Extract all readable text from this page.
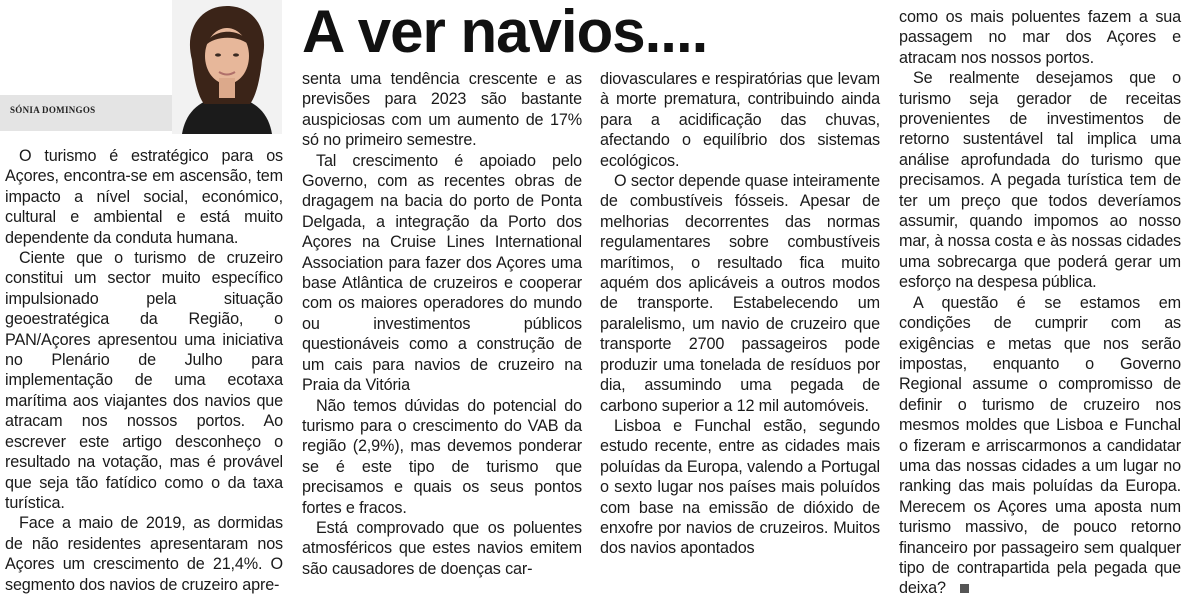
SÓNIA DOMINGOS
A ver navios....

O turismo é estratégico para os Açores, encontra-se em ascensão, tem impacto a nível social, económico, cultural e ambiental e está muito dependente da conduta humana.

Ciente que o turismo de cruzeiro constitui um sector muito específico impulsionado pela situação geoestratégica da Região, o PAN/Açores apresentou uma iniciativa no Plenário de Julho para implementação de uma ecotaxa marítima aos viajantes dos navios que atracam nos nossos portos. Ao escrever este artigo desconheço o resultado na votação, mas é provável que seja tão fatídico como o da taxa turística.

Face a maio de 2019, as dormidas de não residentes apresentaram nos Açores um crescimento de 21,4%. O segmento dos navios de cruzeiro apre-

senta uma tendência crescente e as previsões para 2023 são bastante auspiciosas com um aumento de 17% só no primeiro semestre.

Tal crescimento é apoiado pelo Governo, com as recentes obras de dragagem na bacia do porto de Ponta Delgada, a integração da Porto dos Açores na Cruise Lines International Association para fazer dos Açores uma base Atlântica de cruzeiros e cooperar com os maiores operadores do mundo ou investimentos públicos questionáveis como a construção de um cais para navios de cruzeiro na Praia da Vitória

Não temos dúvidas do potencial do turismo para o crescimento do VAB da região (2,9%), mas devemos ponderar se é este tipo de turismo que precisamos e quais os seus pontos fortes e fracos.

Está comprovado que os poluentes atmosféricos que estes navios emitem são causadores de doenças car-

diovasculares e respiratórias que levam à morte prematura, contribuindo ainda para a acidificação das chuvas, afectando o equilíbrio dos sistemas ecológicos.

O sector depende quase inteiramente de combustíveis fósseis. Apesar de melhorias decorrentes das normas regulamentares sobre combustíveis marítimos, o resultado fica muito aquém dos aplicáveis a outros modos de transporte. Estabelecendo um paralelismo, um navio de cruzeiro que transporte 2700 passageiros pode produzir uma tonelada de resíduos por dia, assumindo uma pegada de carbono superior a 12 mil automóveis.

Lisboa e Funchal estão, segundo estudo recente, entre as cidades mais poluídas da Europa, valendo a Portugal o sexto lugar nos países mais poluídos com base na emissão de dióxido de enxofre por navios de cruzeiros. Muitos dos navios apontados

como os mais poluentes fazem a sua passagem no mar dos Açores e atracam nos nossos portos.

Se realmente desejamos que o turismo seja gerador de receitas provenientes de investimentos de retorno sustentável tal implica uma análise aprofundada do turismo que precisamos. A pegada turística tem de ter um preço que todos deveríamos assumir, quando impomos ao nosso mar, à nossa costa e às nossas cidades uma sobrecarga que poderá gerar um esforço na despesa pública.

A questão é se estamos em condições de cumprir com as exigências e metas que nos serão impostas, enquanto o Governo Regional assume o compromisso de definir o turismo de cruzeiro nos mesmos moldes que Lisboa e Funchal o fizeram e arriscarmonos a candidatar uma das nossas cidades a um lugar no ranking das mais poluídas da Europa. Merecem os Açores uma aposta num turismo massivo, de pouco retorno financeiro por passageiro sem qualquer tipo de contrapartida pela pegada que deixa?
